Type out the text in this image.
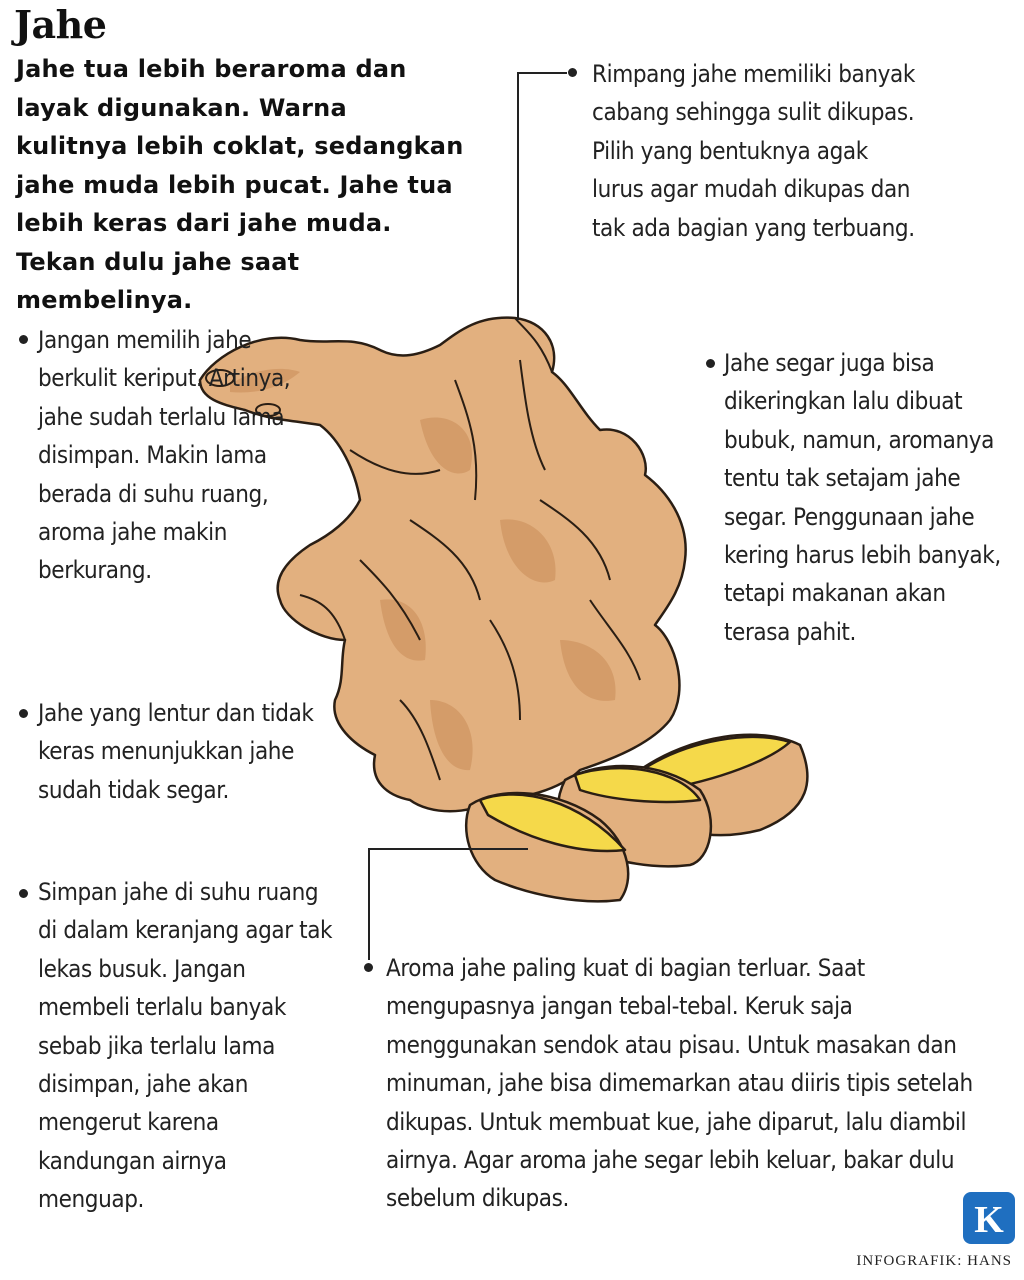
Jahe
Jahe tua lebih beraroma dan layak digunakan. Warna kulitnya lebih coklat, sedangkan jahe muda lebih pucat. Jahe tua lebih keras dari jahe muda. Tekan dulu jahe saat membelinya.
Rimpang jahe memiliki banyak cabang sehingga sulit dikupas. Pilih yang bentuknya agak lurus agar mudah dikupas dan tak ada bagian yang terbuang.
Jangan memilih jahe berkulit keriput. Artinya, jahe sudah terlalu lama disimpan. Makin lama berada di suhu ruang, aroma jahe makin berkurang.
Jahe segar juga bisa dikeringkan lalu dibuat bubuk, namun, aromanya tentu tak setajam jahe segar. Penggunaan jahe kering harus lebih banyak, tetapi makanan akan terasa pahit.
Jahe yang lentur dan tidak keras menunjukkan jahe sudah tidak segar.
Simpan jahe di suhu ruang di dalam keranjang agar tak lekas busuk. Jangan membeli terlalu banyak sebab jika terlalu lama disimpan, jahe akan mengerut karena kandungan airnya menguap.
Aroma jahe paling kuat di bagian terluar. Saat mengupasnya jangan tebal-tebal. Keruk saja menggunakan sendok atau pisau. Untuk masakan dan minuman, jahe bisa dimemarkan atau diiris tipis setelah dikupas. Untuk membuat kue, jahe diparut, lalu diambil airnya. Agar aroma jahe segar lebih keluar, bakar dulu sebelum dikupas.
K
INFOGRAFIK: HANS
